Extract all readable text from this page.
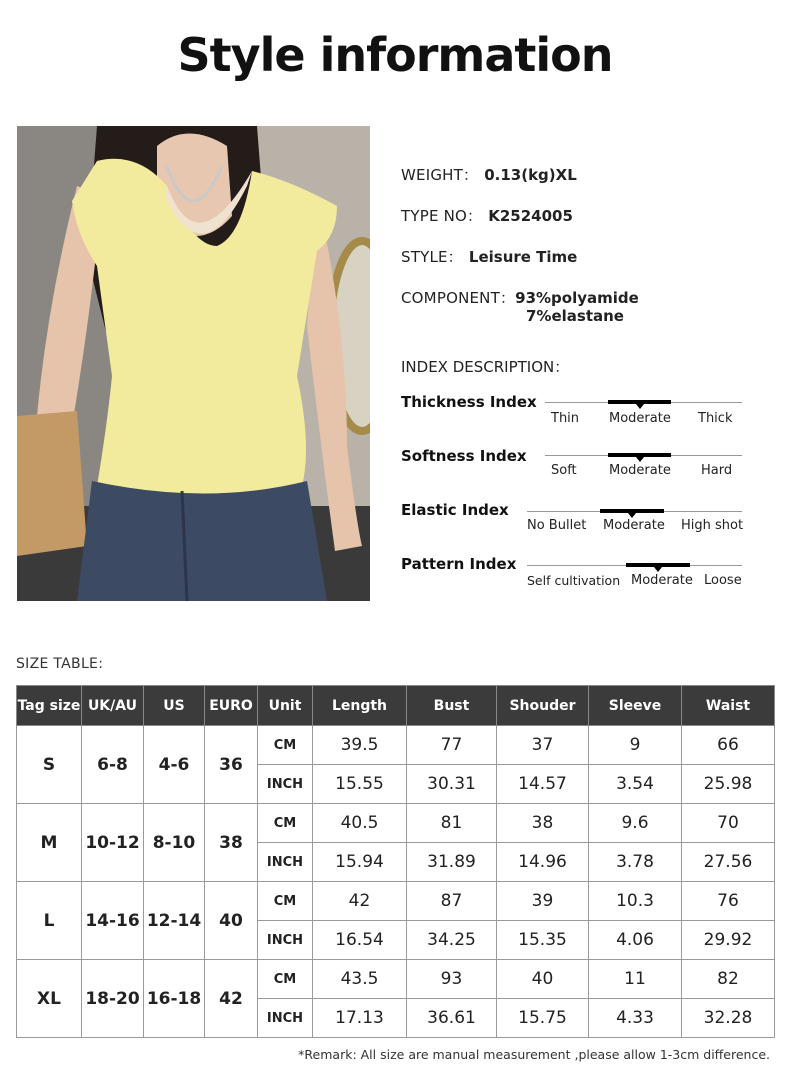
Style information
WEIGHT： 0.13(kg)XL
TYPE NO： K2524005
STYLE： Leisure Time
COMPONENT：93%polyamide
7%elastane
INDEX DESCRIPTION：
Thickness Index
Thin Moderate Thick
Softness Index
Soft Moderate Hard
Elastic Index
No Bullet Moderate High shot
Pattern Index
Self cultivation Moderate Loose
SIZE TABLE:
Tag size	UK/AU	US	EURO	Unit	Length	Bust	Shouder	Sleeve	Waist
S	6-8	4-6	36	CM	39.5	77	37	9	66
				INCH	15.55	30.31	14.57	3.54	25.98
M	10-12	8-10	38	CM	40.5	81	38	9.6	70
				INCH	15.94	31.89	14.96	3.78	27.56
L	14-16	12-14	40	CM	42	87	39	10.3	76
				INCH	16.54	34.25	15.35	4.06	29.92
XL	18-20	16-18	42	CM	43.5	93	40	11	82
				INCH	17.13	36.61	15.75	4.33	32.28
*Remark: All size are manual measurement ,please allow 1-3cm difference.
